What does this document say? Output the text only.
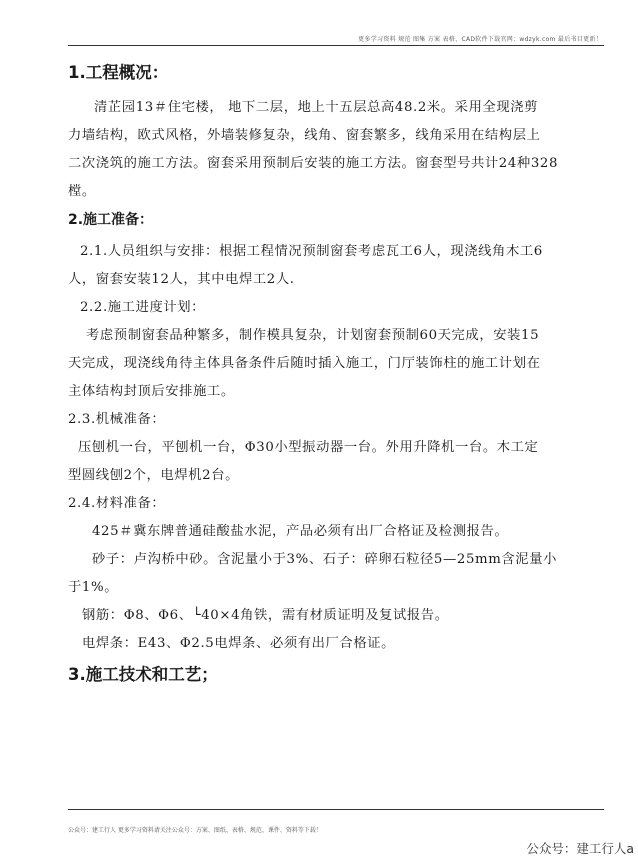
更多学习资料 规范 图集 方案 表格、CAD软件下载官网：wdzyk.com 最后书目更新！
1.工程概况：
清芷园13＃住宅楼， 地下二层，地上十五层总高48.2米。采用全现浇剪
力墙结构，欧式风格，外墙装修复杂，线角、窗套繁多，线角采用在结构层上
二次浇筑的施工方法。窗套采用预制后安装的施工方法。窗套型号共计24种328
樘。
2.施工准备：
2.1.人员组织与安排：根据工程情况预制窗套考虑瓦工6人，现浇线角木工6
人，窗套安装12人，其中电焊工2人.
2.2.施工进度计划：
考虑预制窗套品种繁多，制作模具复杂，计划窗套预制60天完成，安装15
天完成，现浇线角待主体具备条件后随时插入施工，门厅装饰柱的施工计划在
主体结构封顶后安排施工。
2.3.机械准备：
压刨机一台，平刨机一台，Φ30小型振动器一台。外用升降机一台。木工定
型圆线刨2个，电焊机2台。
2.4.材料准备：
425＃冀东牌普通硅酸盐水泥，产品必须有出厂合格证及检测报告。
砂子：卢沟桥中砂。含泥量小于3%、石子：碎卵石粒径5—25mm含泥量小
于1%。
钢筋：Φ8、Φ6、└40×4角铁，需有材质证明及复试报告。
电焊条：E43、Φ2.5电焊条、必须有出厂合格证。
3.施工技术和工艺；
公众号：建工行人 更多学习资料请关注公众号：方案、图纸、表格、规范、课件、资料等下载！
公众号：建工行人a
